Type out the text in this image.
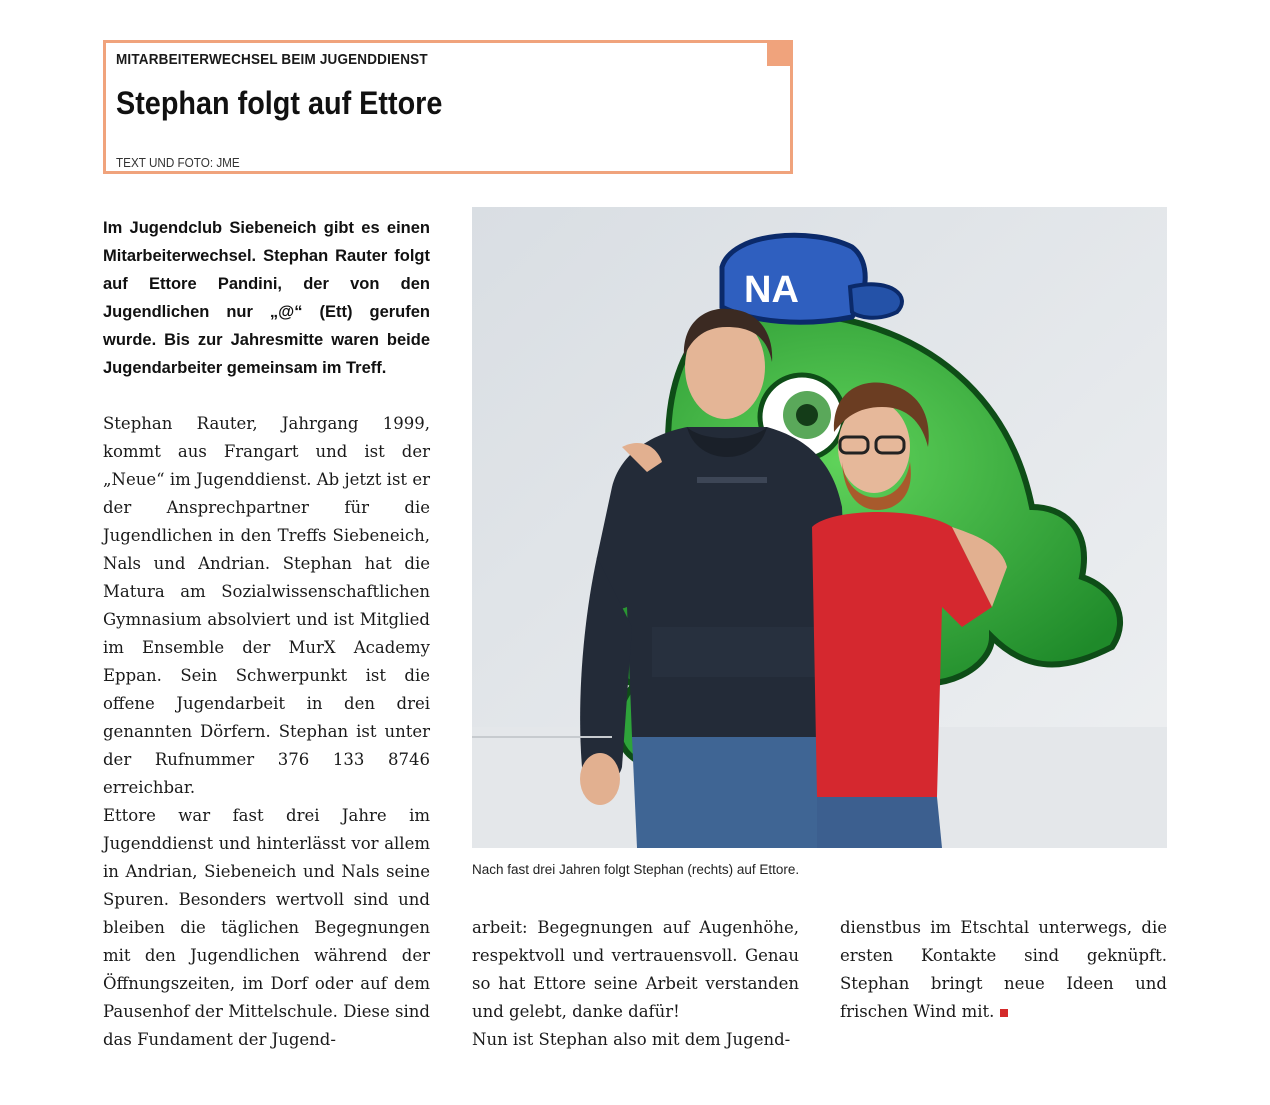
MITARBEITERWECHSEL BEIM JUGENDDIENST
Stephan folgt auf Ettore
TEXT UND FOTO: JME
Im Jugendclub Siebeneich gibt es einen Mitarbeiterwechsel. Stephan Rauter folgt auf Ettore Pandini, der von den Jugendlichen nur „@“ (Ett) gerufen wurde. Bis zur Jahresmitte waren beide Jugendarbeiter gemeinsam im Treff.

Stephan Rauter, Jahrgang 1999, kommt aus Frangart und ist der „Neue“ im Jugenddienst. Ab jetzt ist er der Ansprechpartner für die Jugendlichen in den Treffs Siebeneich, Nals und Andrian. Stephan hat die Matura am Sozialwissenschaftlichen Gymnasium absolviert und ist Mitglied im Ensemble der MurX Academy Eppan. Sein Schwerpunkt ist die offene Jugendarbeit in den drei genannten Dörfern. Stephan ist unter der Rufnummer 376 133 8746 erreichbar.

Ettore war fast drei Jahre im Jugenddienst und hinterlässt vor allem in Andrian, Siebeneich und Nals seine Spuren. Besonders wertvoll sind und bleiben die täglichen Begegnungen mit den Jugendlichen während der Öffnungszeiten, im Dorf oder auf dem Pausenhof der Mittelschule. Diese sind das Fundament der Jugend-

NA
Nach fast drei Jahren folgt Stephan (rechts) auf Ettore.

arbeit: Begegnungen auf Augenhöhe, respektvoll und vertrauensvoll. Genau so hat Ettore seine Arbeit verstanden und gelebt, danke dafür!

Nun ist Stephan also mit dem Jugend-

dienstbus im Etschtal unterwegs, die ersten Kontakte sind geknüpft. Stephan bringt neue Ideen und frischen Wind mit.
